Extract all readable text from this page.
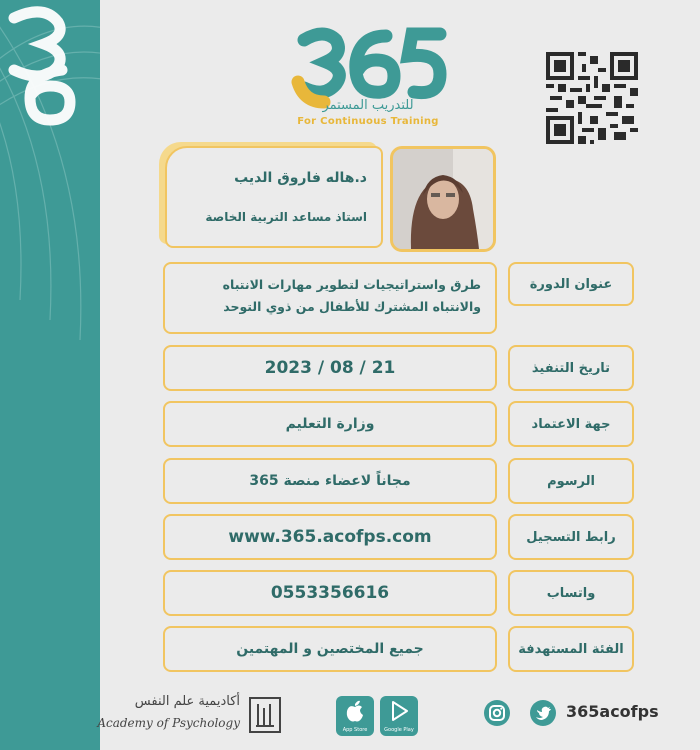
للتدريب المستمر
For Continuous Training
د.هاله فاروق الديب
استاذ مساعد التربية الخاصة
عنوان الدورة
طرق واستراتيجيات لتطوير مهارات الانتباه
والانتباه المشترك للأطفال من ذوي التوحد
تاريخ التنفيذ
2023 / 08 / 21
جهة الاعتماد
وزارة التعليم
الرسوم
مجاناً لاعضاء منصة 365
رابط التسجيل
www.365.acofps.com
واتساب
0553356616
الفئة المستهدفة
جميع المختصين و المهتمين
أكاديمية علم النفس
Academy of Psychology	App Store	Google Play
365acofps
